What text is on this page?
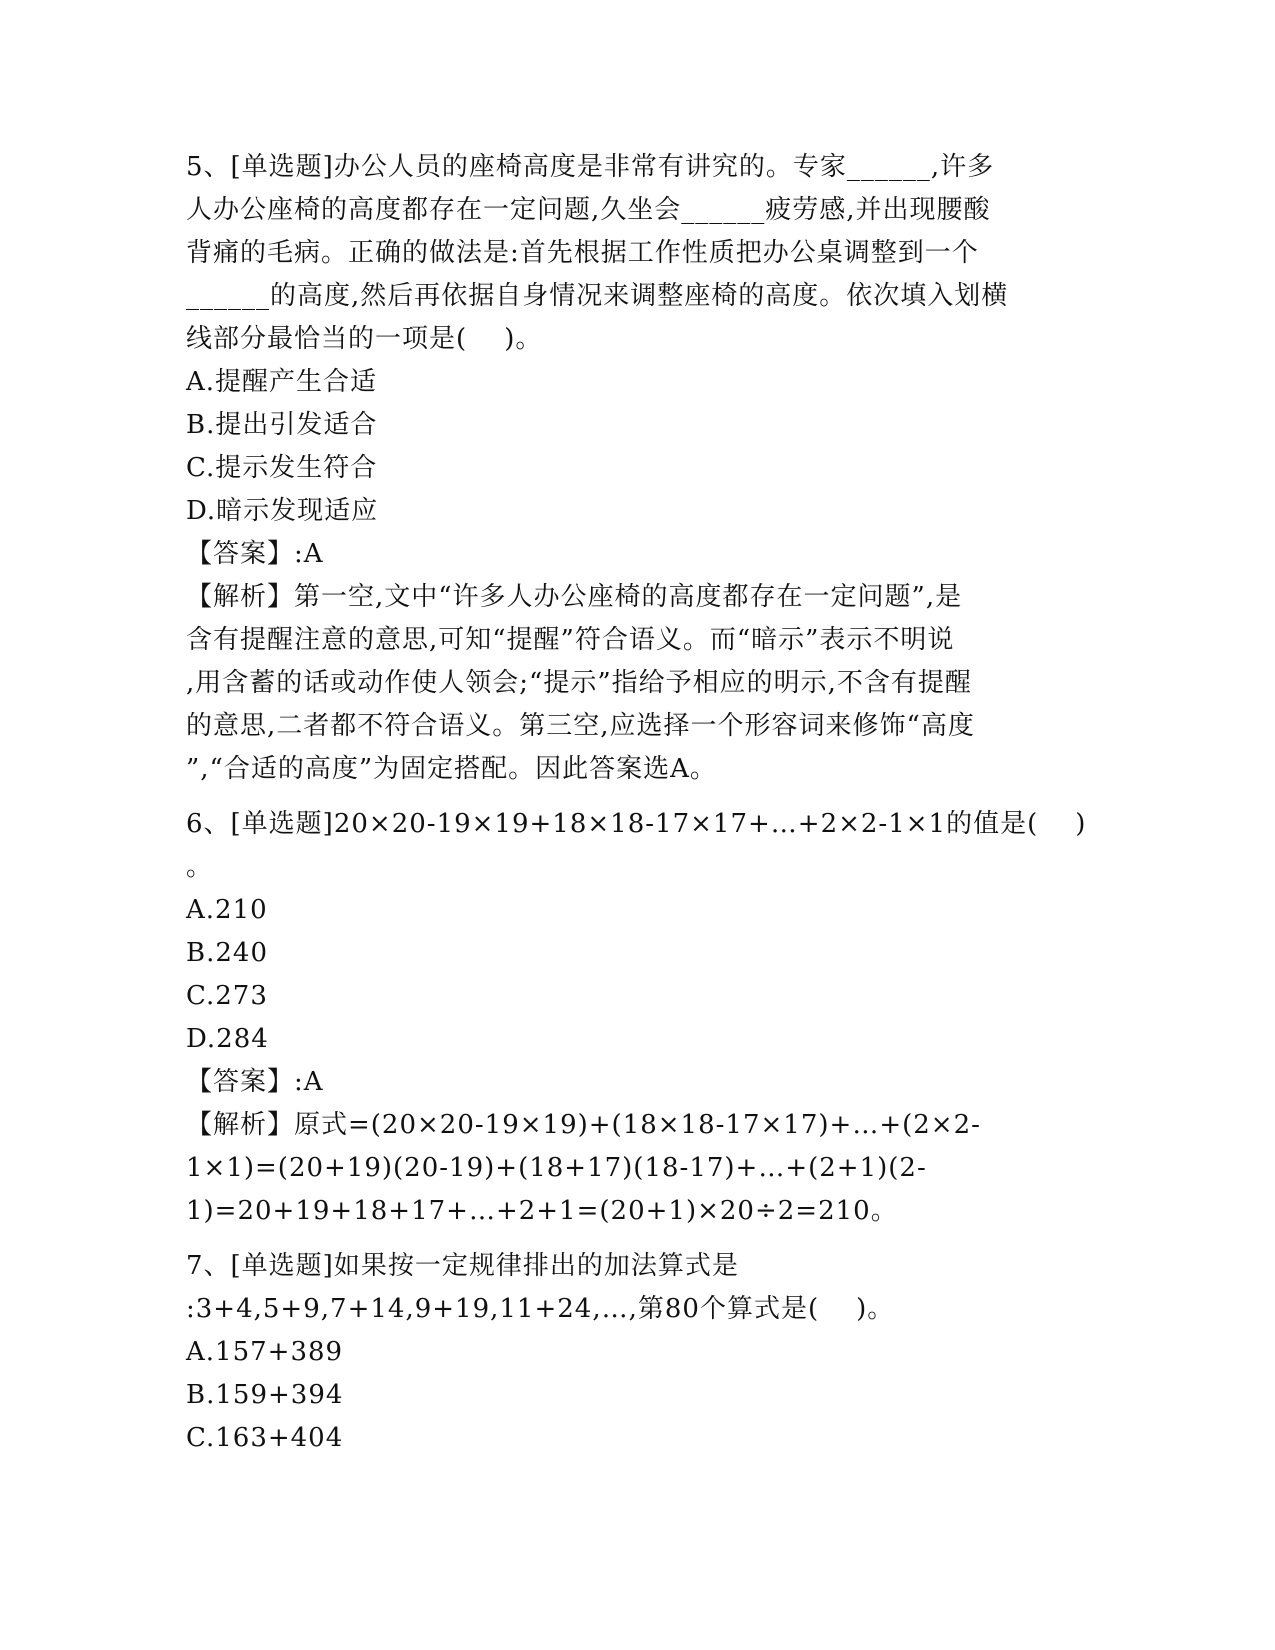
5、[单选题]办公人员的座椅高度是非常有讲究的。专家______,许多
人办公座椅的高度都存在一定问题,久坐会______疲劳感,并出现腰酸
背痛的毛病。正确的做法是:首先根据工作性质把办公桌调整到一个
______的高度,然后再依据自身情况来调整座椅的高度。依次填入划横
线部分最恰当的一项是(    )。
A.提醒产生合适
B.提出引发适合
C.提示发生符合
D.暗示发现适应
【答案】:A
【解析】第一空,文中“许多人办公座椅的高度都存在一定问题”,是
含有提醒注意的意思,可知“提醒”符合语义。而“暗示”表示不明说
,用含蓄的话或动作使人领会;“提示”指给予相应的明示,不含有提醒
的意思,二者都不符合语义。第三空,应选择一个形容词来修饰“高度
”,“合适的高度”为固定搭配。因此答案选A。
6、[单选题]20×20-19×19+18×18-17×17+…+2×2-1×1的值是(    )
。
A.210
B.240
C.273
D.284
【答案】:A
【解析】原式=(20×20-19×19)+(18×18-17×17)+…+(2×2-
1×1)=(20+19)(20-19)+(18+17)(18-17)+…+(2+1)(2-
1)=20+19+18+17+…+2+1=(20+1)×20÷2=210。
7、[单选题]如果按一定规律排出的加法算式是
:3+4,5+9,7+14,9+19,11+24,…,第80个算式是(    )。
A.157+389
B.159+394
C.163+404
